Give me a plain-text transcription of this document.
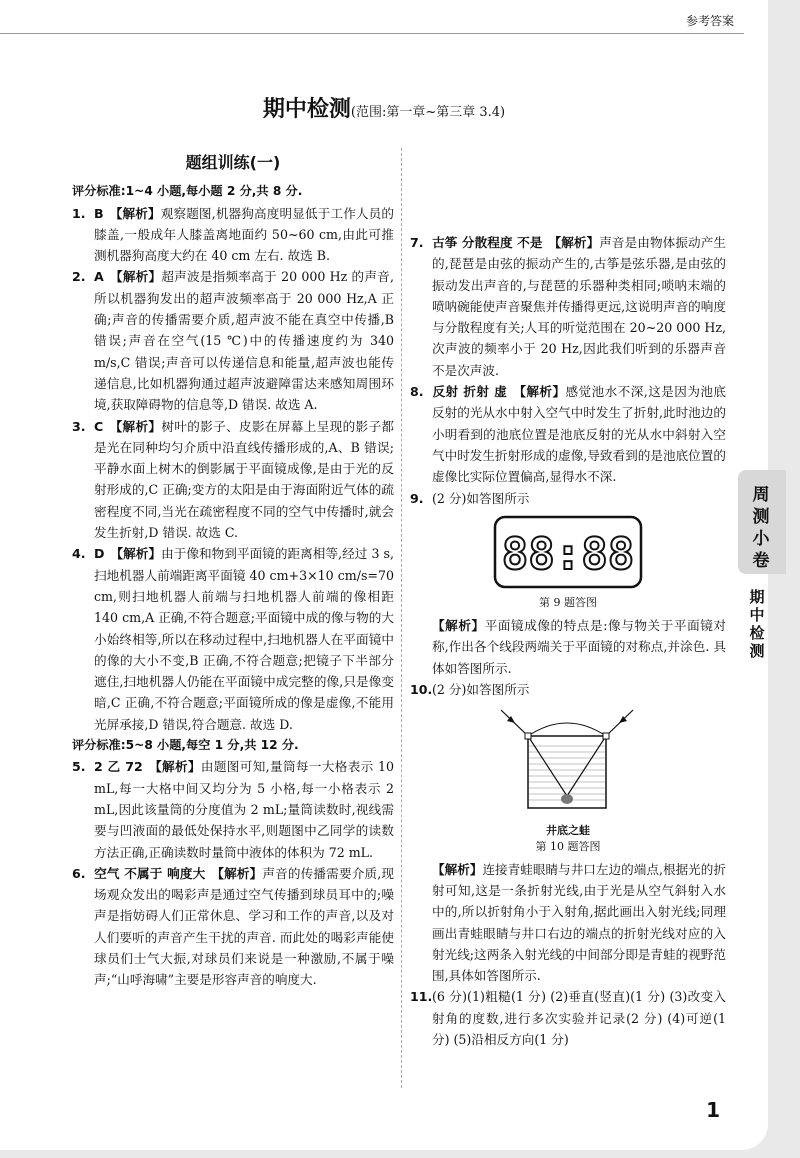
参考答案
期中检测(范围:第一章~第三章 3.4)
题组训练(一)

评分标准:1~4 小题,每小题 2 分,共 8 分.

1. B 【解析】观察题图,机器狗高度明显低于工作人员的膝盖,一般成年人膝盖离地面约 50~60 cm,由此可推测机器狗高度大约在 40 cm 左右. 故选 B.

2. A 【解析】超声波是指频率高于 20 000 Hz 的声音,所以机器狗发出的超声波频率高于 20 000 Hz,A 正确;声音的传播需要介质,超声波不能在真空中传播,B 错误;声音在空气(15 ℃)中的传播速度约为 340 m/s,C 错误;声音可以传递信息和能量,超声波也能传递信息,比如机器狗通过超声波避障雷达来感知周围环境,获取障碍物的信息等,D 错误. 故选 A.

3. C 【解析】树叶的影子、皮影在屏幕上呈现的影子都是光在同种均匀介质中沿直线传播形成的,A、B 错误;平静水面上树木的倒影属于平面镜成像,是由于光的反射形成的,C 正确;变方的太阳是由于海面附近气体的疏密程度不同,当光在疏密程度不同的空气中传播时,就会发生折射,D 错误. 故选 C.

4. D 【解析】由于像和物到平面镜的距离相等,经过 3 s,扫地机器人前端距离平面镜 40 cm+3×10 cm/s=70 cm,则扫地机器人前端与扫地机器人前端的像相距 140 cm,A 正确,不符合题意;平面镜中成的像与物的大小始终相等,所以在移动过程中,扫地机器人在平面镜中的像的大小不变,B 正确,不符合题意;把镜子下半部分遮住,扫地机器人仍能在平面镜中成完整的像,只是像变暗,C 正确,不符合题意;平面镜所成的像是虚像,不能用光屏承接,D 错误,符合题意. 故选 D.

评分标准:5~8 小题,每空 1 分,共 12 分.

5. 2 乙 72 【解析】由题图可知,量筒每一大格表示 10 mL,每一大格中间又均分为 5 小格,每一小格表示 2 mL,因此该量筒的分度值为 2 mL;量筒读数时,视线需要与凹液面的最低处保持水平,则题图中乙同学的读数方法正确,正确读数时量筒中液体的体积为 72 mL.

6. 空气 不属于 响度大 【解析】声音的传播需要介质,现场观众发出的喝彩声是通过空气传播到球员耳中的;噪声是指妨碍人们正常休息、学习和工作的声音,以及对人们要听的声音产生干扰的声音. 而此处的喝彩声能使球员们士气大振,对球员们来说是一种激励,不属于噪声;“山呼海啸”主要是形容声音的响度大.

7. 古筝 分散程度 不是 【解析】声音是由物体振动产生的,琵琶是由弦的振动产生的,古筝是弦乐器,是由弦的振动发出声音的,与琵琶的乐器种类相同;唢呐末端的喷呐碗能使声音聚焦并传播得更远,这说明声音的响度与分散程度有关;人耳的听觉范围在 20~20 000 Hz,次声波的频率小于 20 Hz,因此我们听到的乐器声音不是次声波.

8. 反射 折射 虚 【解析】感觉池水不深,这是因为池底反射的光从水中射入空气中时发生了折射,此时池边的小明看到的池底位置是池底反射的光从水中斜射入空气中时发生折射形成的虚像,导致看到的是池底位置的虚像比实际位置偏高,显得水不深.

9. (2 分)如答图所示

88:88
第 9 题答图

【解析】平面镜成像的特点是:像与物关于平面镜对称,作出各个线段两端关于平面镜的对称点,并涂色. 具体如答图所示.

10.(2 分)如答图所示

井底之蛙
第 10 题答图

【解析】连接青蛙眼睛与井口左边的端点,根据光的折射可知,这是一条折射光线,由于光是从空气斜射入水中的,所以折射角小于入射角,据此画出入射光线;同理画出青蛙眼睛与井口右边的端点的折射光线对应的入射光线;这两条入射光线的中间部分即是青蛙的视野范围,具体如答图所示.

11.(6 分)(1)粗糙(1 分) (2)垂直(竖直)(1 分) (3)改变入射角的度数,进行多次实验并记录(2 分) (4)可逆(1 分) (5)沿相反方向(1 分)

1
周测小卷
期中检测
